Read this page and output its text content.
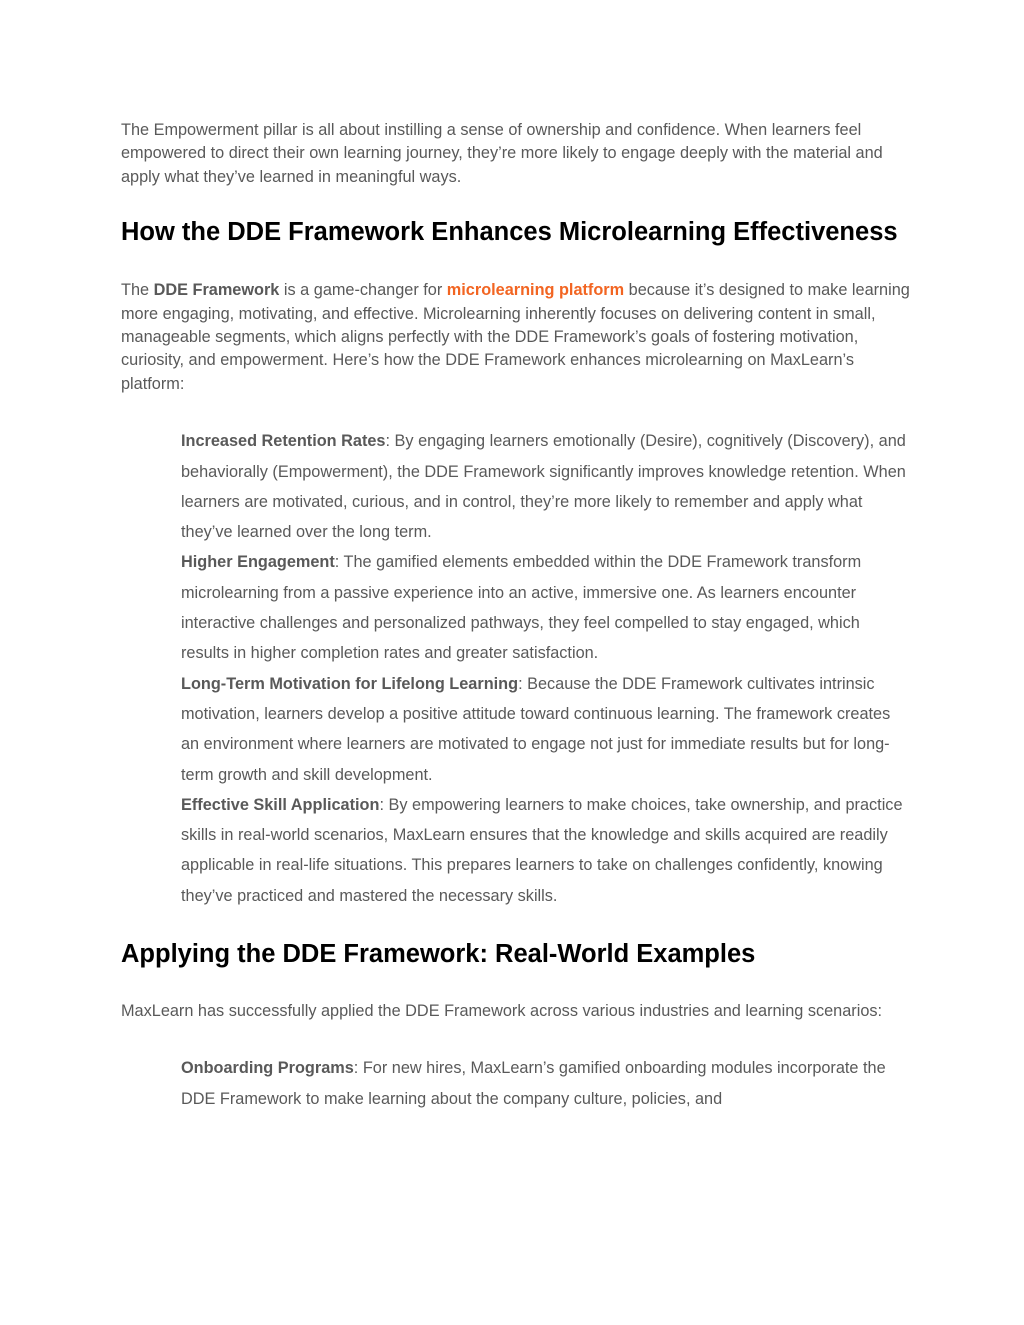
The Empowerment pillar is all about instilling a sense of ownership and confidence. When learners feel empowered to direct their own learning journey, they’re more likely to engage deeply with the material and apply what they’ve learned in meaningful ways.

How the DDE Framework Enhances Microlearning Effectiveness

The DDE Framework is a game-changer for microlearning platform because it’s designed to make learning more engaging, motivating, and effective. Microlearning inherently focuses on delivering content in small, manageable segments, which aligns perfectly with the DDE Framework’s goals of fostering motivation, curiosity, and empowerment. Here’s how the DDE Framework enhances microlearning on MaxLearn’s platform:

Increased Retention Rates: By engaging learners emotionally (Desire), cognitively (Discovery), and behaviorally (Empowerment), the DDE Framework significantly improves knowledge retention. When learners are motivated, curious, and in control, they’re more likely to remember and apply what they’ve learned over the long term.
Higher Engagement: The gamified elements embedded within the DDE Framework transform microlearning from a passive experience into an active, immersive one. As learners encounter interactive challenges and personalized pathways, they feel compelled to stay engaged, which results in higher completion rates and greater satisfaction.
Long-Term Motivation for Lifelong Learning: Because the DDE Framework cultivates intrinsic motivation, learners develop a positive attitude toward continuous learning. The framework creates an environment where learners are motivated to engage not just for immediate results but for long-term growth and skill development.
Effective Skill Application: By empowering learners to make choices, take ownership, and practice skills in real-world scenarios, MaxLearn ensures that the knowledge and skills acquired are readily applicable in real-life situations. This prepares learners to take on challenges confidently, knowing they’ve practiced and mastered the necessary skills.
Applying the DDE Framework: Real-World Examples

MaxLearn has successfully applied the DDE Framework across various industries and learning scenarios:

Onboarding Programs: For new hires, MaxLearn’s gamified onboarding modules incorporate the DDE Framework to make learning about the company culture, policies, and
